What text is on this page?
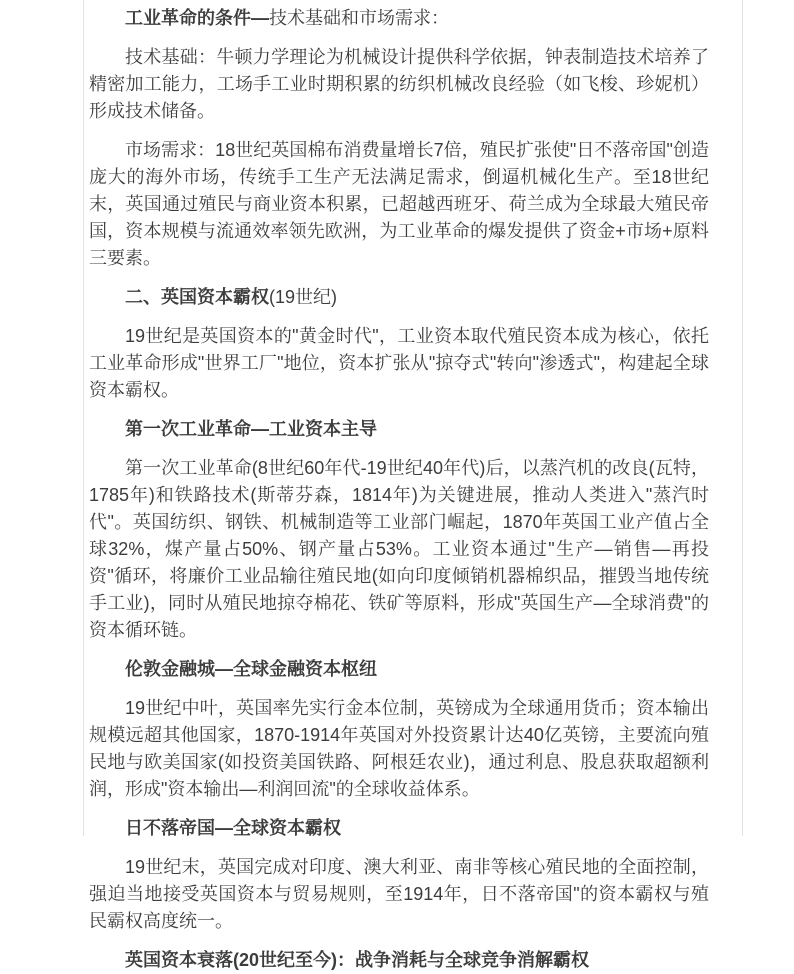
工业革命的条件—技术基础和市场需求：

技术基础：牛顿力学理论为机械设计提供科学依据，钟表制造技术培养了精密加工能力，工场手工业时期积累的纺织机械改良经验（如飞梭、珍妮机）形成技术储备。

市场需求：18世纪英国棉布消费量增长7倍，殖民扩张使"日不落帝国"创造庞大的海外市场，传统手工生产无法满足需求，倒逼机械化生产。至18世纪末，英国通过殖民与商业资本积累，已超越西班牙、荷兰成为全球最大殖民帝国，资本规模与流通效率领先欧洲，为工业革命的爆发提供了资金+市场+原料三要素。

二、英国资本霸权(19世纪)

19世纪是英国资本的"黄金时代"，工业资本取代殖民资本成为核心，依托工业革命形成"世界工厂"地位，资本扩张从"掠夺式"转向"渗透式"，构建起全球资本霸权。

第一次工业革命—工业资本主导

第一次工业革命(8世纪60年代-19世纪40年代)后，以蒸汽机的改良(瓦特，1785年)和铁路技术(斯蒂芬森，1814年)为关键进展，推动人类进入"蒸汽时代"。英国纺织、钢铁、机械制造等工业部门崛起，1870年英国工业产值占全球32%，煤产量占50%、钢产量占53%。工业资本通过"生产—销售—再投资"循环，将廉价工业品输往殖民地(如向印度倾销机器棉织品，摧毁当地传统手工业)，同时从殖民地掠夺棉花、铁矿等原料，形成"英国生产—全球消费"的资本循环链。

伦敦金融城—全球金融资本枢纽

19世纪中叶，英国率先实行金本位制，英镑成为全球通用货币；资本输出规模远超其他国家，1870-1914年英国对外投资累计达40亿英镑，主要流向殖民地与欧美国家(如投资美国铁路、阿根廷农业)，通过利息、股息获取超额利润，形成"资本输出—利润回流"的全球收益体系。

日不落帝国—全球资本霸权

19世纪末，英国完成对印度、澳大利亚、南非等核心殖民地的全面控制，强迫当地接受英国资本与贸易规则，至1914年，日不落帝国"的资本霸权与殖民霸权高度统一。

英国资本衰落(20世纪至今)：战争消耗与全球竞争消解霸权
